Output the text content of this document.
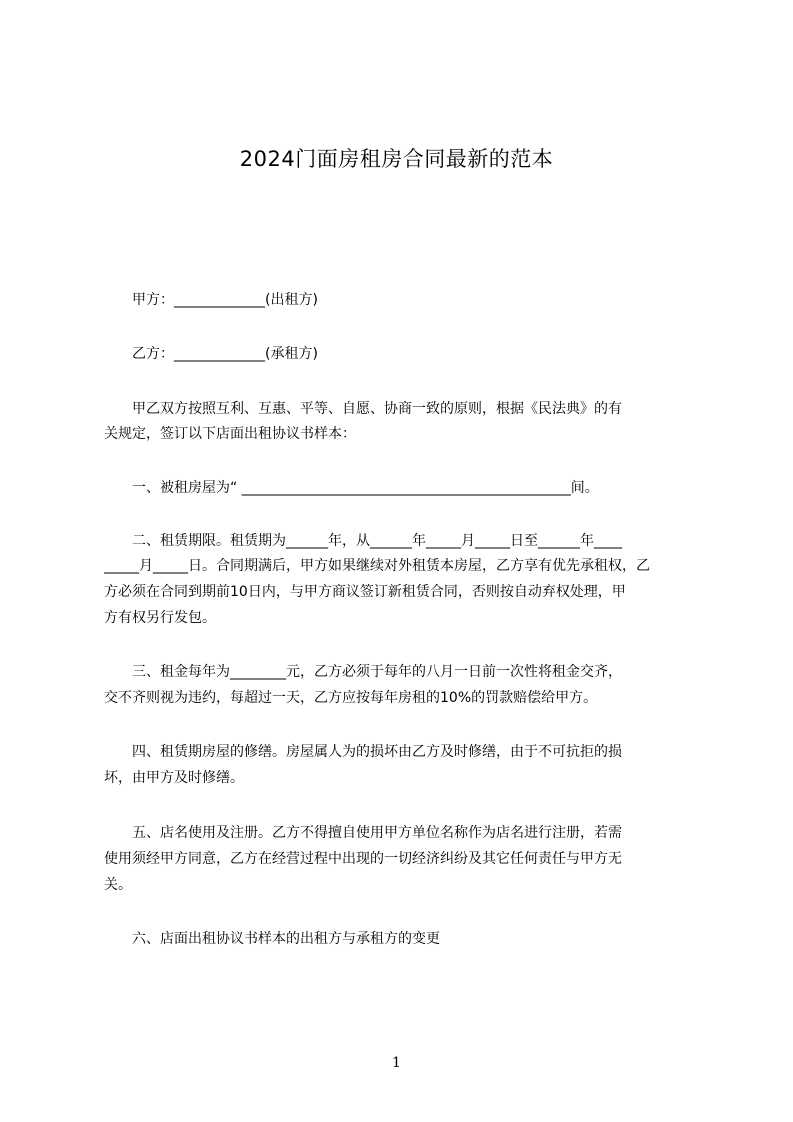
2024门面房租房合同最新的范本
　　甲方：_____________(出租方)
　　乙方：_____________(承租方)
　　甲乙双方按照互利、互惠、平等、自愿、协商一致的原则，根据《民法典》的有
关规定，签订以下店面出租协议书样本：
　　一、被租房屋为“ _______________________________________________间。
　　二、租赁期限。租赁期为______年，从______年_____月_____日至______年____
_____月_____日。合同期满后，甲方如果继续对外租赁本房屋，乙方享有优先承租权，乙
方必须在合同到期前10日内，与甲方商议签订新租赁合同，否则按自动弃权处理，甲
方有权另行发包。
　　三、租金每年为________元，乙方必须于每年的八月一日前一次性将租金交齐，
交不齐则视为违约，每超过一天，乙方应按每年房租的10%的罚款赔偿给甲方。
　　四、租赁期房屋的修缮。房屋属人为的损坏由乙方及时修缮，由于不可抗拒的损
坏，由甲方及时修缮。
　　五、店名使用及注册。乙方不得擅自使用甲方单位名称作为店名进行注册，若需
使用须经甲方同意，乙方在经营过程中出现的一切经济纠纷及其它任何责任与甲方无
关。
　　六、店面出租协议书样本的出租方与承租方的变更
1
